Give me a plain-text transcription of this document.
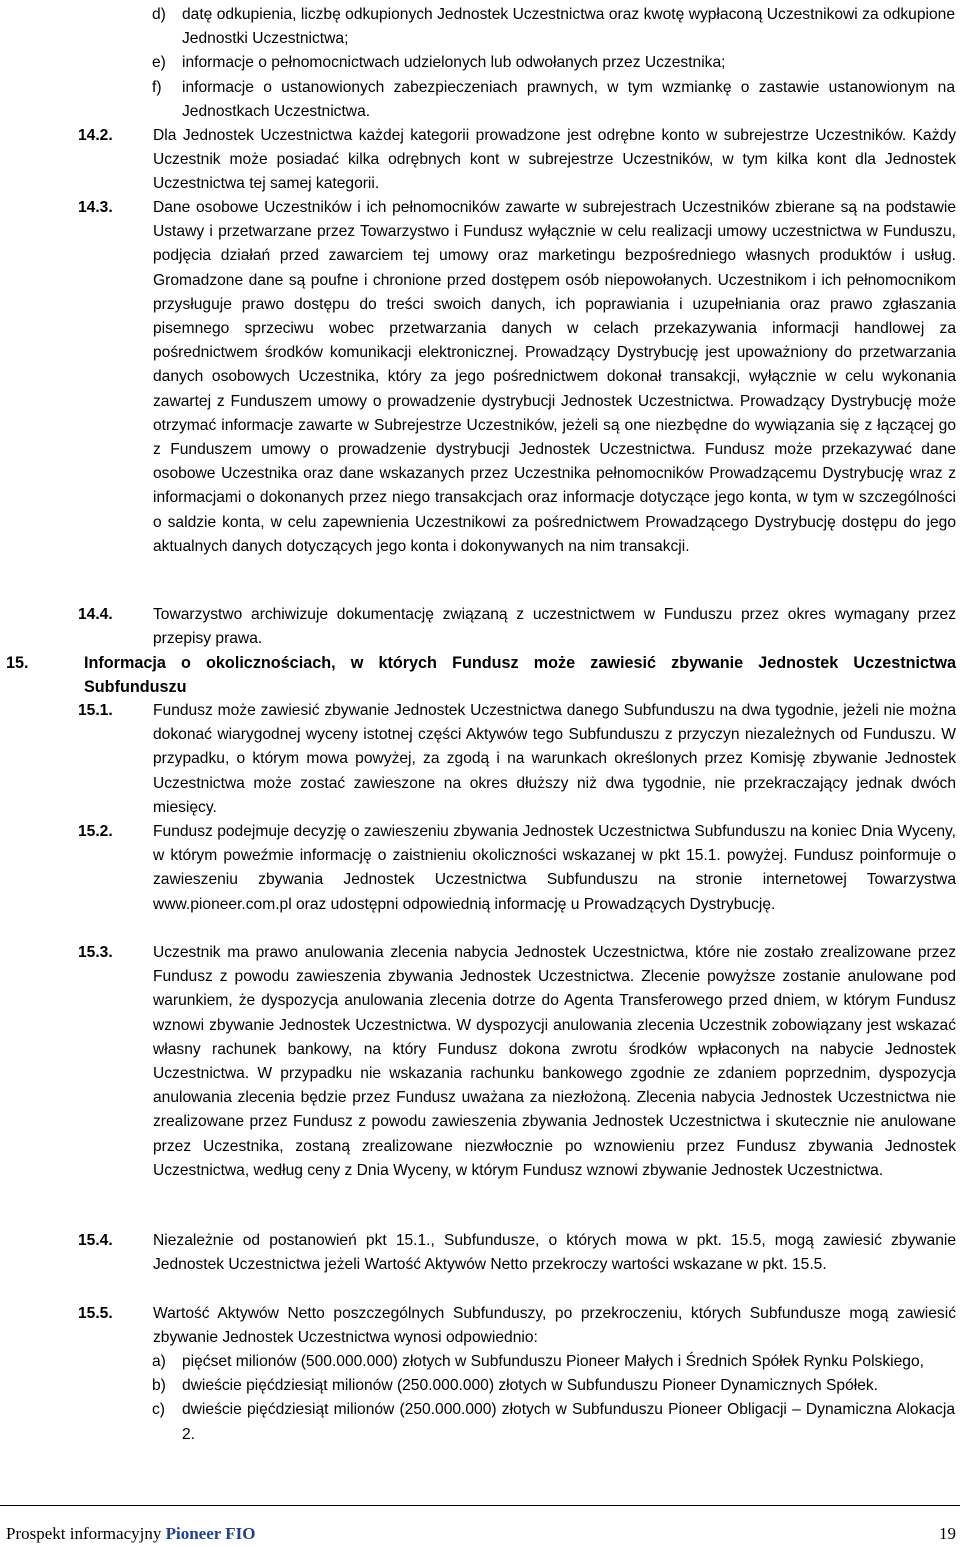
d)	datę odkupienia, liczbę odkupionych Jednostek Uczestnictwa oraz kwotę wypłaconą Uczestnikowi za odkupione Jednostki Uczestnictwa;
e)	informacje o pełnomocnictwach udzielonych lub odwołanych przez Uczestnika;
f)	informacje o ustanowionych zabezpieczeniach prawnych, w tym wzmiankę o zastawie ustanowionym na Jednostkach Uczestnictwa.
14.2.	Dla Jednostek Uczestnictwa każdej kategorii prowadzone jest odrębne konto w subrejestrze Uczestników. Każdy Uczestnik może posiadać kilka odrębnych kont w subrejestrze Uczestników, w tym kilka kont dla Jednostek Uczestnictwa tej samej kategorii.
14.3.	Dane osobowe Uczestników i ich pełnomocników zawarte w subrejestrach Uczestników zbierane są na podstawie Ustawy i przetwarzane przez Towarzystwo i Fundusz wyłącznie w celu realizacji umowy uczestnictwa w Funduszu, podjęcia działań przed zawarciem tej umowy oraz marketingu bezpośredniego własnych produktów i usług. Gromadzone dane są poufne i chronione przed dostępem osób niepowołanych. Uczestnikom i ich pełnomocnikom przysługuje prawo dostępu do treści swoich danych, ich poprawiania i uzupełniania oraz prawo zgłaszania pisemnego sprzeciwu wobec przetwarzania danych w celach przekazywania informacji handlowej za pośrednictwem środków komunikacji elektronicznej. Prowadzący Dystrybucję jest upoważniony do przetwarzania danych osobowych Uczestnika, który za jego pośrednictwem dokonał transakcji, wyłącznie w celu wykonania zawartej z Funduszem umowy o prowadzenie dystrybucji Jednostek Uczestnictwa. Prowadzący Dystrybucję może otrzymać informacje zawarte w Subrejestrze Uczestników, jeżeli są one niezbędne do wywiązania się z łączącej go z Funduszem umowy o prowadzenie dystrybucji Jednostek Uczestnictwa. Fundusz może przekazywać dane osobowe Uczestnika oraz dane wskazanych przez Uczestnika pełnomocników Prowadzącemu Dystrybucję wraz z informacjami o dokonanych przez niego transakcjach oraz informacje dotyczące jego konta, w tym w szczególności o saldzie konta, w celu zapewnienia Uczestnikowi za pośrednictwem Prowadzącego Dystrybucję dostępu do jego aktualnych danych dotyczących jego konta i dokonywanych na nim transakcji.
14.4.	Towarzystwo archiwizuje dokumentację związaną z uczestnictwem w Funduszu przez okres wymagany przez przepisy prawa.
15.	Informacja o okolicznościach, w których Fundusz może zawiesić zbywanie Jednostek Uczestnictwa Subfunduszu
15.1.	Fundusz może zawiesić zbywanie Jednostek Uczestnictwa danego Subfunduszu na dwa tygodnie, jeżeli nie można dokonać wiarygodnej wyceny istotnej części Aktywów tego Subfunduszu z przyczyn niezależnych od Funduszu. W przypadku, o którym mowa powyżej, za zgodą i na warunkach określonych przez Komisję zbywanie Jednostek Uczestnictwa może zostać zawieszone na okres dłuższy niż dwa tygodnie, nie przekraczający jednak dwóch miesięcy.
15.2.	Fundusz podejmuje decyzję o zawieszeniu zbywania Jednostek Uczestnictwa Subfunduszu na koniec Dnia Wyceny, w którym poweźmie informację o zaistnieniu okoliczności wskazanej w pkt 15.1. powyżej. Fundusz poinformuje o zawieszeniu zbywania Jednostek Uczestnictwa Subfunduszu na stronie internetowej Towarzystwa www.pioneer.com.pl oraz udostępni odpowiednią informację u Prowadzących Dystrybucję.
15.3.	Uczestnik ma prawo anulowania zlecenia nabycia Jednostek Uczestnictwa, które nie zostało zrealizowane przez Fundusz z powodu zawieszenia zbywania Jednostek Uczestnictwa. Zlecenie powyższe zostanie anulowane pod warunkiem, że dyspozycja anulowania zlecenia dotrze do Agenta Transferowego przed dniem, w którym Fundusz wznowi zbywanie Jednostek Uczestnictwa. W dyspozycji anulowania zlecenia Uczestnik zobowiązany jest wskazać własny rachunek bankowy, na który Fundusz dokona zwrotu środków wpłaconych na nabycie Jednostek Uczestnictwa. W przypadku nie wskazania rachunku bankowego zgodnie ze zdaniem poprzednim, dyspozycja anulowania zlecenia będzie przez Fundusz uważana za niezłożoną. Zlecenia nabycia Jednostek Uczestnictwa nie zrealizowane przez Fundusz z powodu zawieszenia zbywania Jednostek Uczestnictwa i skutecznie nie anulowane przez Uczestnika, zostaną zrealizowane niezwłocznie po wznowieniu przez Fundusz zbywania Jednostek Uczestnictwa, według ceny z Dnia Wyceny, w którym Fundusz wznowi zbywanie Jednostek Uczestnictwa.
15.4.	Niezależnie od postanowień pkt 15.1., Subfundusze, o których mowa w pkt. 15.5, mogą zawiesić zbywanie Jednostek Uczestnictwa jeżeli Wartość Aktywów Netto przekroczy wartości wskazane w pkt. 15.5.
15.5.	Wartość Aktywów Netto poszczególnych Subfunduszy, po przekroczeniu, których Subfundusze mogą zawiesić zbywanie Jednostek Uczestnictwa wynosi odpowiednio:
a)	pięćset milionów (500.000.000) złotych w Subfunduszu Pioneer Małych i Średnich Spółek Rynku Polskiego,
b)	dwieście pięćdziesiąt milionów (250.000.000) złotych w Subfunduszu Pioneer Dynamicznych Spółek.
c)	dwieście pięćdziesiąt milionów (250.000.000) złotych w Subfunduszu Pioneer Obligacji – Dynamiczna Alokacja 2.
Prospekt informacyjny Pioneer FIO	19
